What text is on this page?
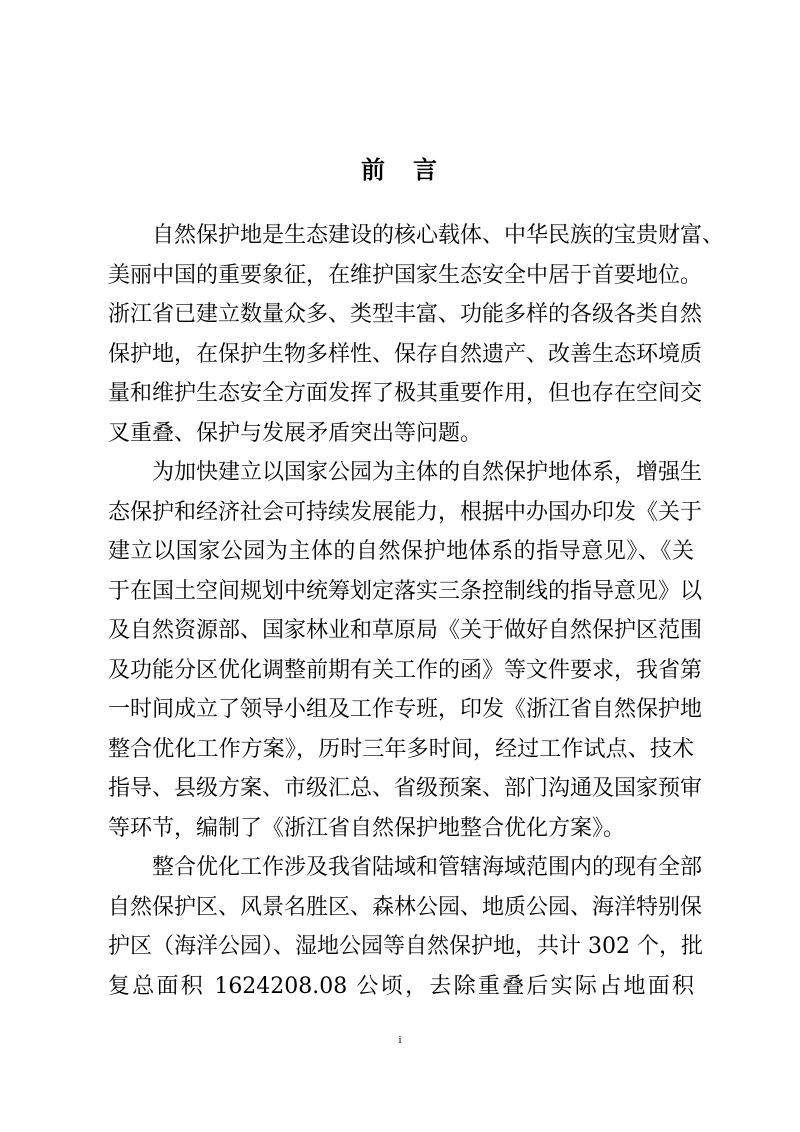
前　言
自然保护地是生态建设的核心载体、中华民族的宝贵财富、
美丽中国的重要象征，在维护国家生态安全中居于首要地位。
浙江省已建立数量众多、类型丰富、功能多样的各级各类自然
保护地，在保护生物多样性、保存自然遗产、改善生态环境质
量和维护生态安全方面发挥了极其重要作用，但也存在空间交
叉重叠、保护与发展矛盾突出等问题。
为加快建立以国家公园为主体的自然保护地体系，增强生
态保护和经济社会可持续发展能力，根据中办国办印发《关于
建立以国家公园为主体的自然保护地体系的指导意见》、《关
于在国土空间规划中统筹划定落实三条控制线的指导意见》以
及自然资源部、国家林业和草原局《关于做好自然保护区范围
及功能分区优化调整前期有关工作的函》等文件要求，我省第
一时间成立了领导小组及工作专班，印发《浙江省自然保护地
整合优化工作方案》，历时三年多时间，经过工作试点、技术
指导、县级方案、市级汇总、省级预案、部门沟通及国家预审
等环节，编制了《浙江省自然保护地整合优化方案》。
整合优化工作涉及我省陆域和管辖海域范围内的现有全部
自然保护区、风景名胜区、森林公园、地质公园、海洋特别保
护区（海洋公园）、湿地公园等自然保护地，共计 302 个，批
复总面积 1624208.08 公顷，去除重叠后实际占地面积
i
